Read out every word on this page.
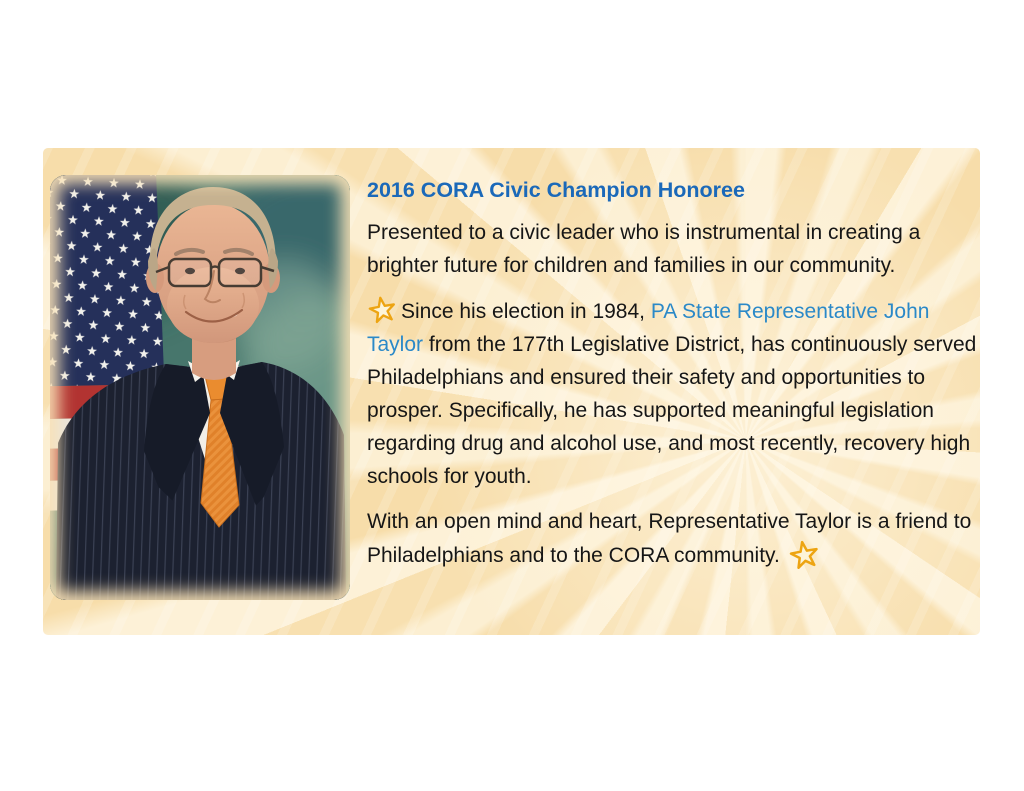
2016 CORA Civic Champion Honoree

Presented to a civic leader who is instrumental in creating a brighter future for children and families in our community.

Since his election in 1984, PA State Representative John Taylor from the 177th Legislative District, has continuously served Philadelphians and ensured their safety and opportunities to prosper. Specifically, he has supported meaningful legislation regarding drug and alcohol use, and most recently, recovery high schools for youth.

With an open mind and heart, Representative Taylor is a friend to Philadelphians and to the CORA community.
